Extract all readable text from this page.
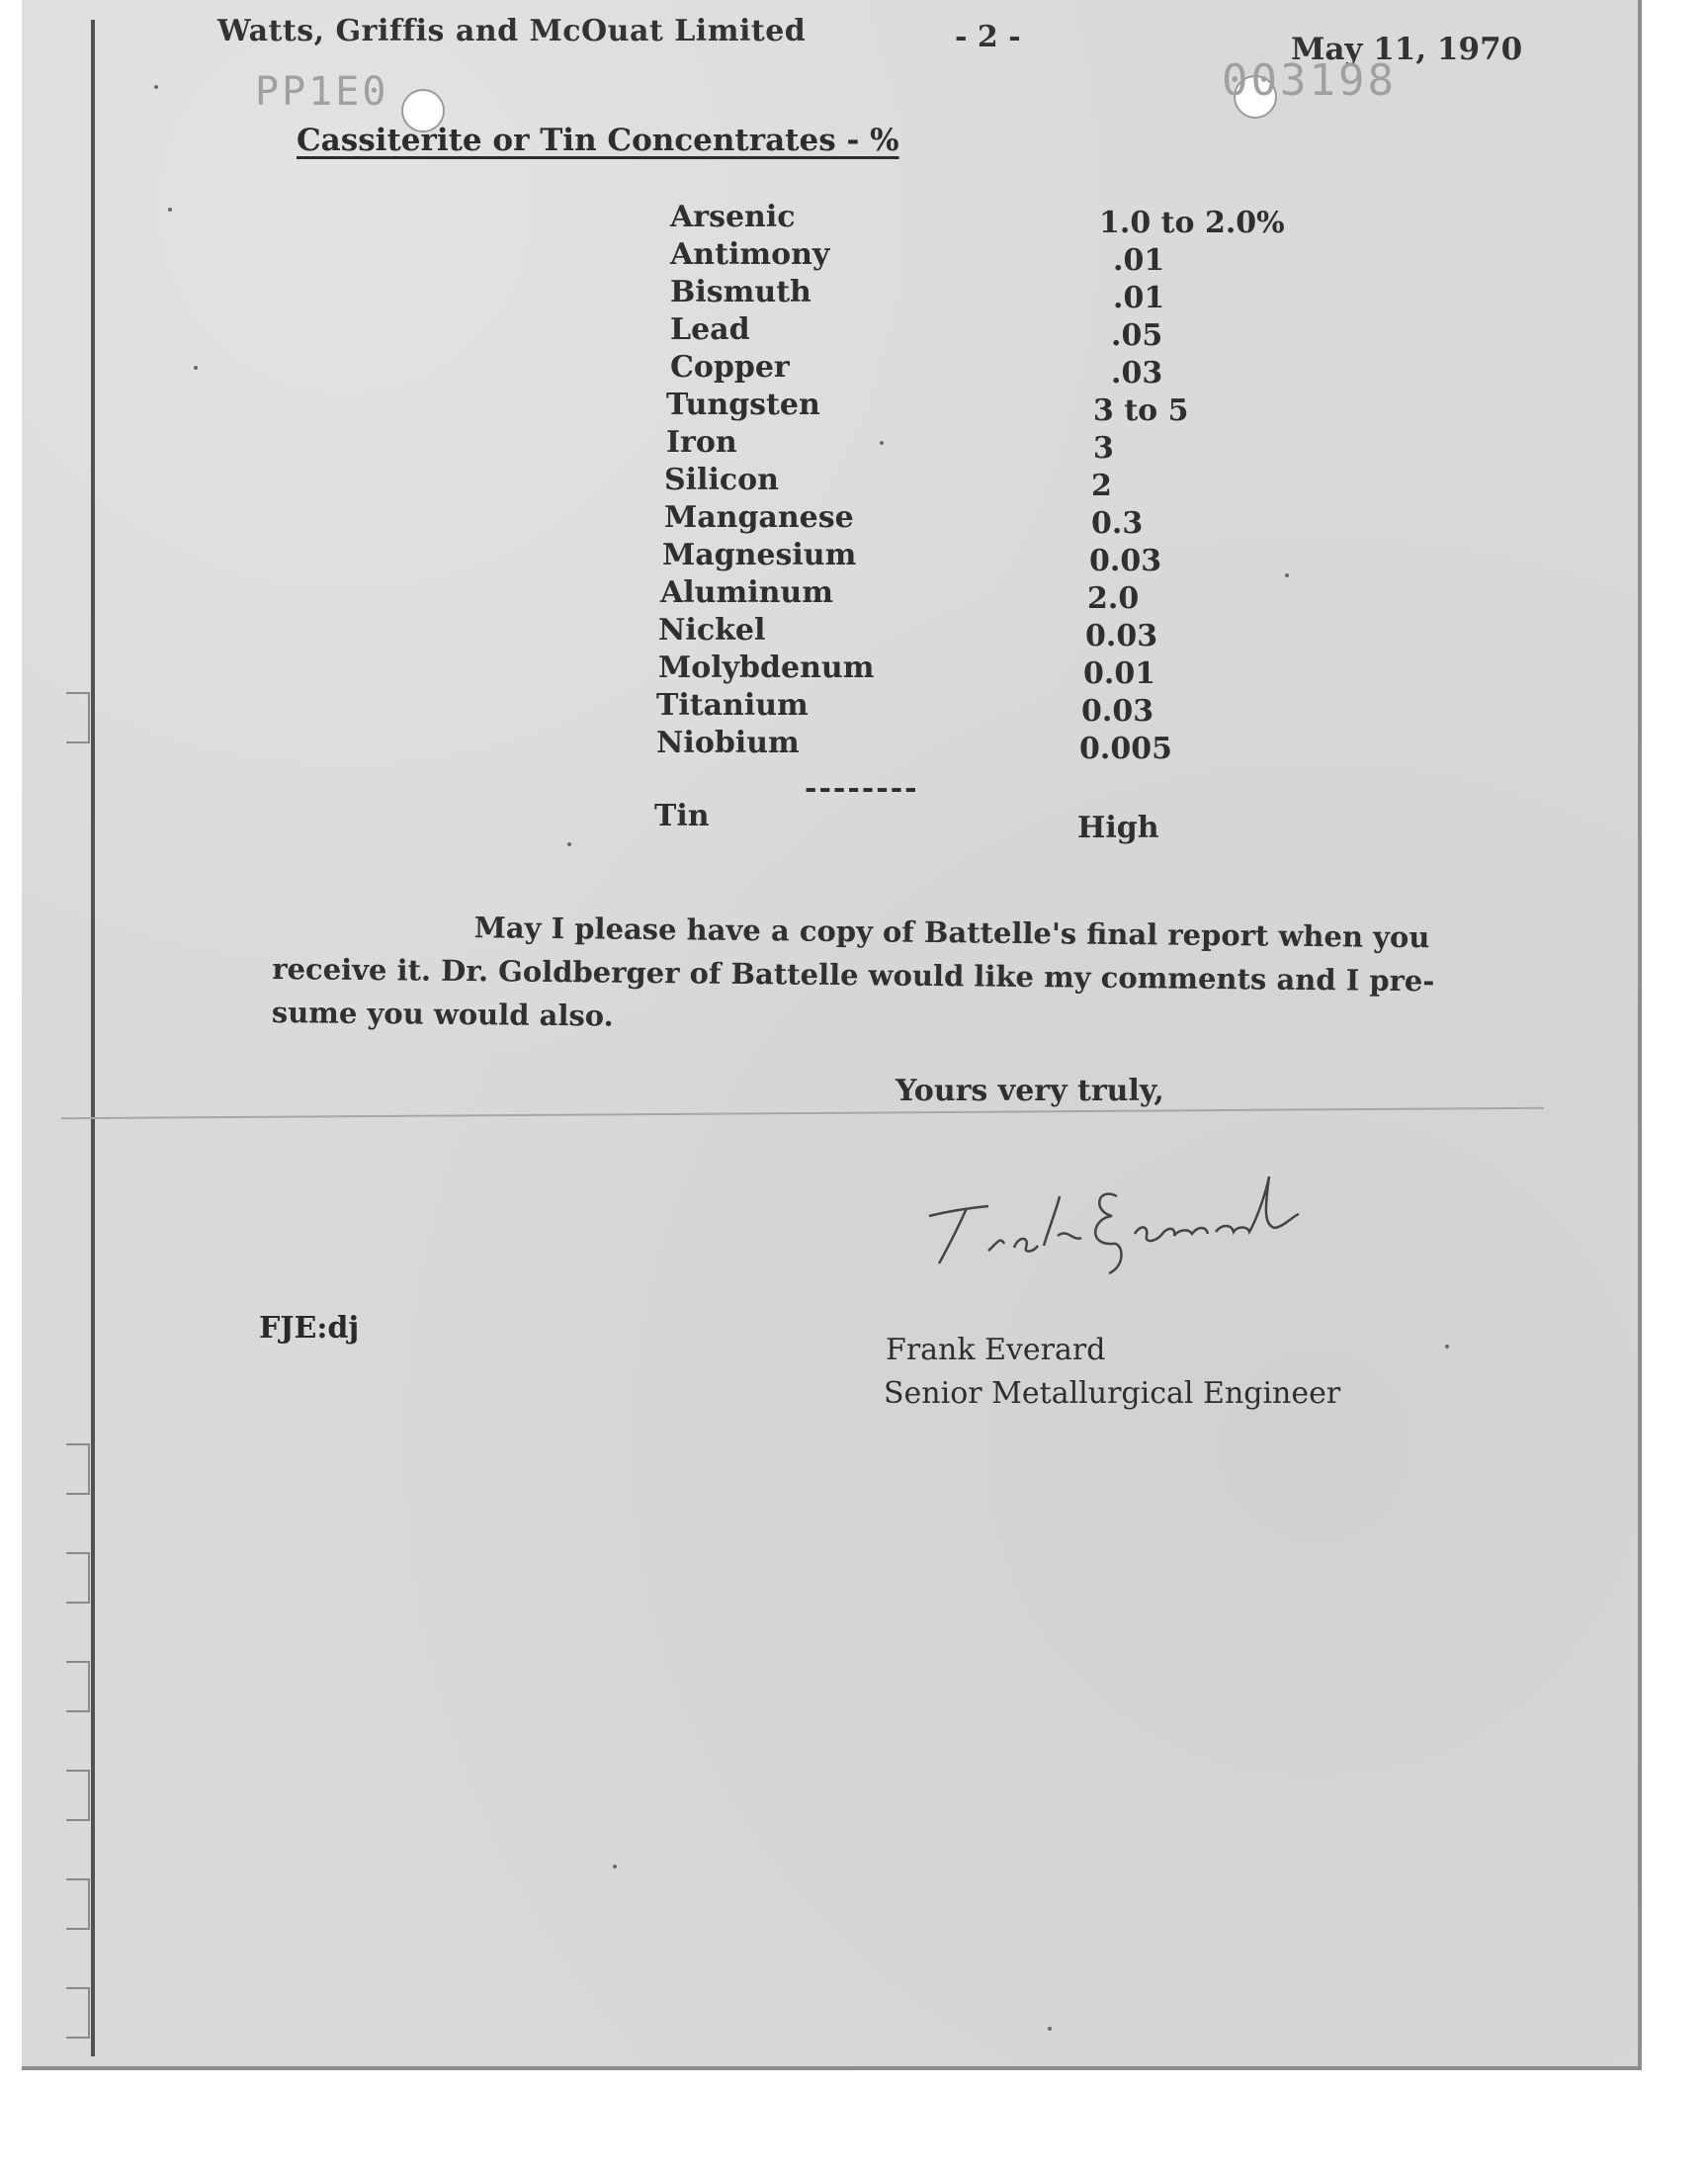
Watts, Griffis and McOuat Limited	- 2 -	May 11, 1970
PP1E0	003198
Cassiterite or Tin Concentrates - %
Arsenic	1.0 to 2.0%
Antimony	.01
Bismuth	.01
Lead	.05
Copper	.03
Tungsten	3 to 5
Iron	3
Silicon	2
Manganese	0.3
Magnesium	0.03
Aluminum	2.0
Nickel	0.03
Molybdenum	0.01
Titanium	0.03
Niobium	0.005
--------
Tin	High
May I please have a copy of Battelle's final report when you receive it. Dr. Goldberger of Battelle would like my comments and I pre-sume you would also.
Yours very truly,
FJE:dj
Frank Everard
Senior Metallurgical Engineer
